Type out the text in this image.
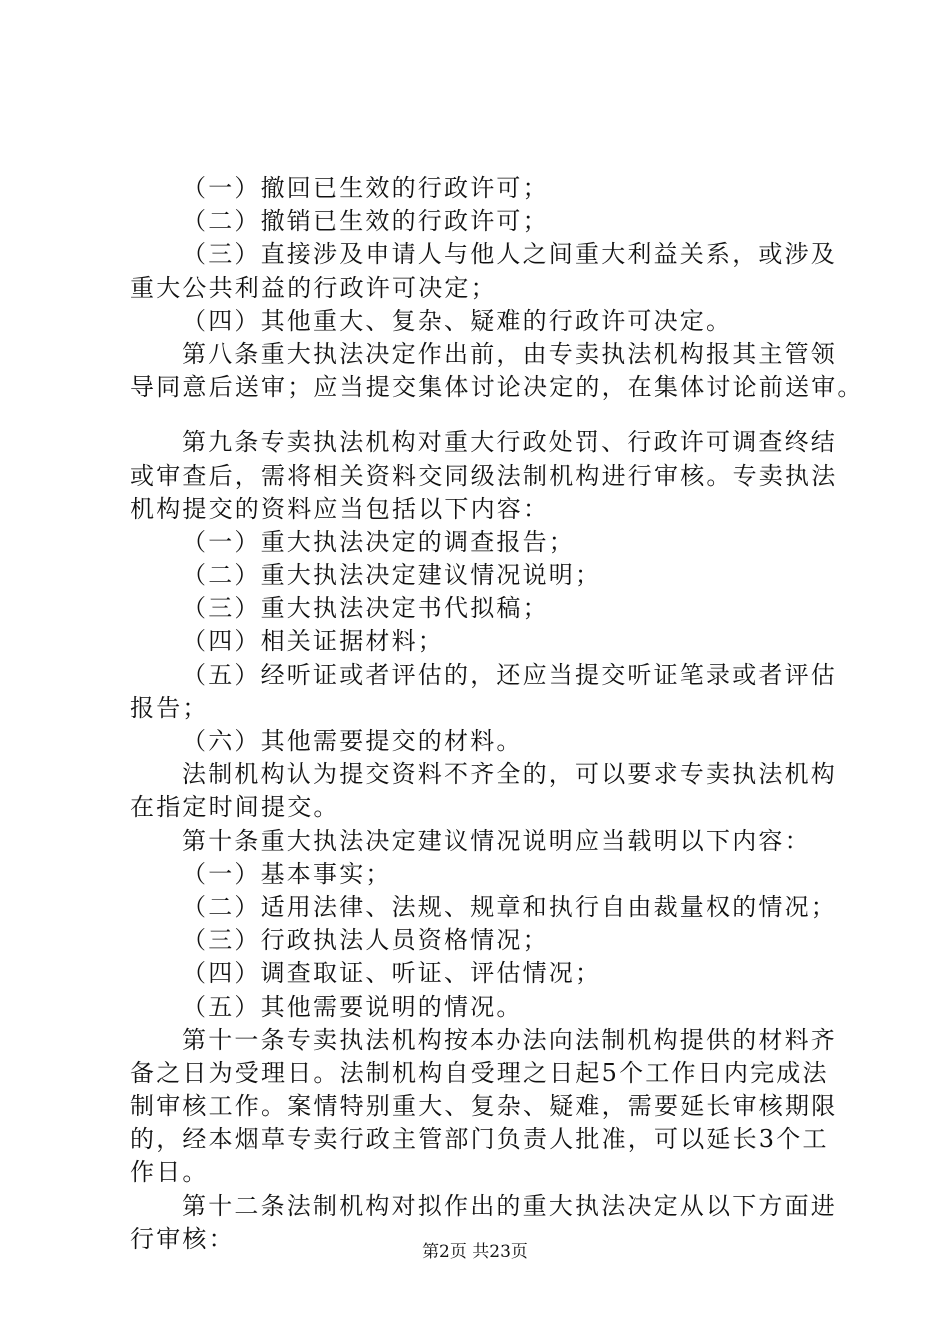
（一）撤回已生效的行政许可；
（二）撤销已生效的行政许可；
（三）直接涉及申请人与他人之间重大利益关系，或涉及
重大公共利益的行政许可决定；
（四）其他重大、复杂、疑难的行政许可决定。
第八条重大执法决定作出前，由专卖执法机构报其主管领
导同意后送审；应当提交集体讨论决定的，在集体讨论前送审。
第九条专卖执法机构对重大行政处罚、行政许可调查终结
或审查后，需将相关资料交同级法制机构进行审核。专卖执法
机构提交的资料应当包括以下内容：
（一）重大执法决定的调查报告；
（二）重大执法决定建议情况说明；
（三）重大执法决定书代拟稿；
（四）相关证据材料；
（五）经听证或者评估的，还应当提交听证笔录或者评估
报告；
（六）其他需要提交的材料。
法制机构认为提交资料不齐全的，可以要求专卖执法机构
在指定时间提交。
第十条重大执法决定建议情况说明应当载明以下内容：
（一）基本事实；
（二）适用法律、法规、规章和执行自由裁量权的情况；
（三）行政执法人员资格情况；
（四）调查取证、听证、评估情况；
（五）其他需要说明的情况。
第十一条专卖执法机构按本办法向法制机构提供的材料齐
备之日为受理日。法制机构自受理之日起5个工作日内完成法
制审核工作。案情特别重大、复杂、疑难，需要延长审核期限
的，经本烟草专卖行政主管部门负责人批准，可以延长3个工
作日。
第十二条法制机构对拟作出的重大执法决定从以下方面进
行审核：	第2页 共23页
